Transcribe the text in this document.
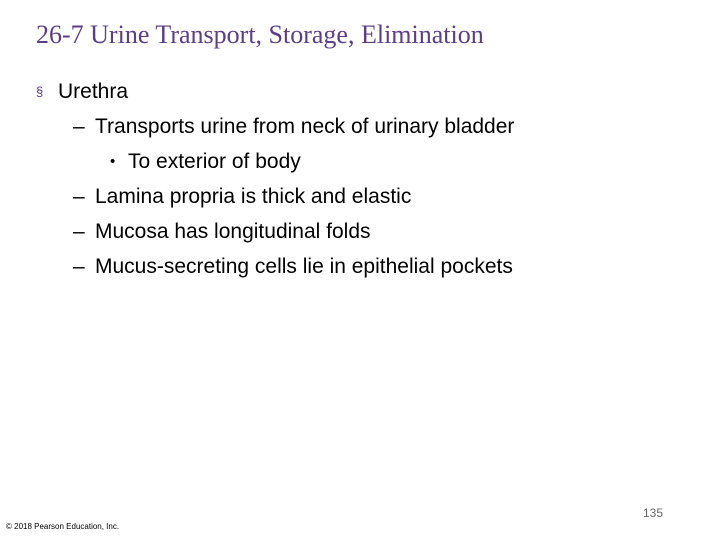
26-7 Urine Transport, Storage, Elimination
§ Urethra
– Transports urine from neck of urinary bladder
• To exterior of body
– Lamina propria is thick and elastic
– Mucosa has longitudinal folds
– Mucus-secreting cells lie in epithelial pockets
135
© 2018 Pearson Education, Inc.
